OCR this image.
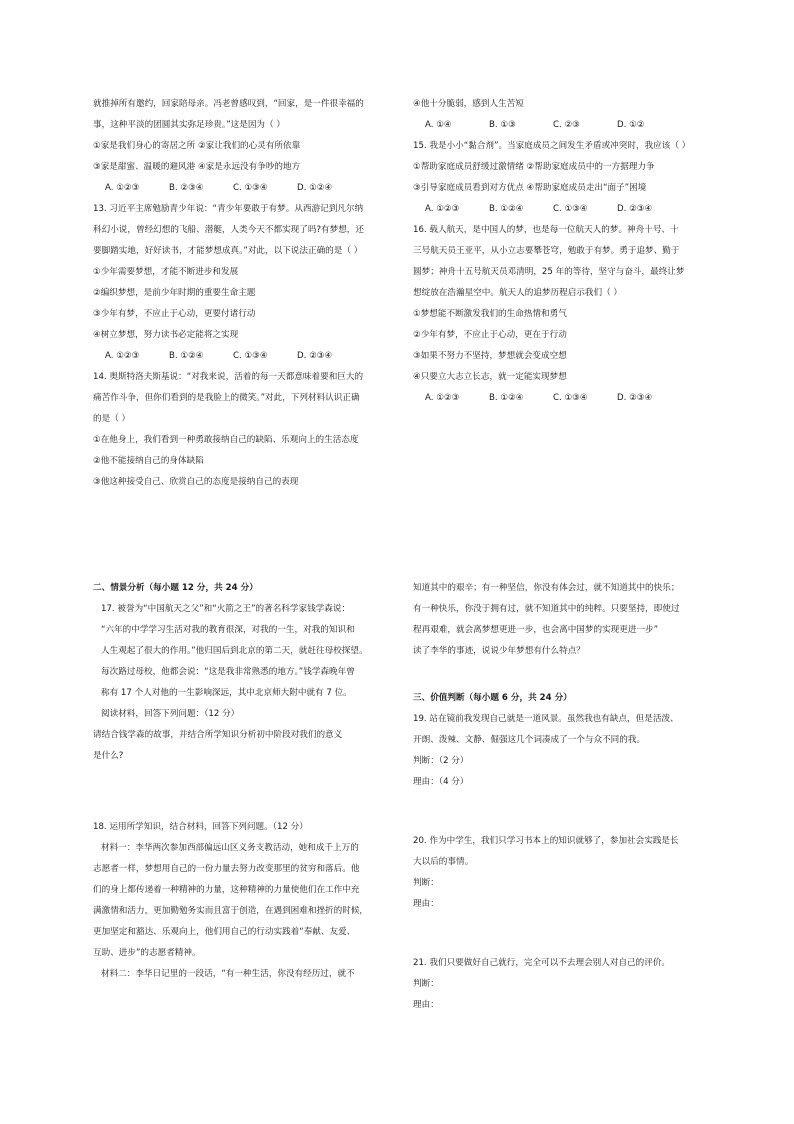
就推掉所有邀约，回家陪母亲。冯老曾感叹到，“回家，是一件很幸福的
事，这种平淡的团圆其实弥足珍贵。”这是因为（ ）
①家是我们身心的寄居之所 ②家让我们的心灵有所依靠
③家是甜蜜、温暖的避风港 ④家是永远没有争吵的地方
A. ①②③	B. ②③④	C. ①③④	D. ①②④
13. 习近平主席勉励青少年说：“青少年要敢于有梦。从西游记到凡尔纳
科幻小说，曾经幻想的飞船、潜艇，人类今天不都实现了吗?有梦想，还
要脚踏实地，好好读书，才能梦想成真。”对此，以下说法正确的是（ ）
①少年需要梦想，才能不断进步和发展
②编织梦想，是前少年时期的重要生命主题
③少年有梦，不应止于心动，更要付诸行动
④树立梦想，努力读书必定能将之实现
A. ①②③	B. ①②④	C. ①③④	D. ②③④
14. 奥斯特洛夫斯基说：“对我来说，活着的每一天都意味着要和巨大的
痛苦作斗争，但你们看到的是我脸上的微笑。”对此，下列材料认识正确
的是（ ）
①在他身上，我们看到一种勇敢接纳自己的缺陷、乐观向上的生活态度
②他不能接纳自己的身体缺陷
③他这种接受自己、欣赏自己的态度是接纳自己的表现
④他十分脆弱，感到人生苦短
A. ①④	B. ①③	C. ②③	D. ①②
15. 我是小小“黏合剂”。当家庭成员之间发生矛盾或冲突时，我应该（ ）
①帮助家庭成员舒缓过激情绪 ②帮助家庭成员中的一方据理力争
③引导家庭成员看到对方优点 ④帮助家庭成员走出“面子”困境
A. ①②③	B. ①②④	C. ①③④	D. ②③④
16. 载人航天，是中国人的梦，也是每一位航天人的梦。神舟十号、十
三号航天员王亚平，从小立志要攀苍穹，勉敢于有梦。勇于追梦、勤于
圆梦；神舟十五号航天员邓清明，25 年的等待，坚守与奋斗，最终让梦
想绽放在浩瀚星空中。航天人的追梦历程启示我们（ ）
①梦想能不断激发我们的生命热情和勇气
②少年有梦，不应止于心动，更在于行动
③如果不努力不坚持，梦想就会变成空想
④只要立大志立长志，就一定能实现梦想
A. ①②③	B. ①②④	C. ①③④	D. ②③④
二、情景分析（每小题 12 分，共 24 分）
17. 被誉为“中国航天之父”和“火箭之王”的著名科学家钱学森说：
“六年的中学学习生活对我的教育很深，对我的一生，对我的知识和
人生观起了很大的作用。”他归国后到北京的第二天，就赶往母校探望。
每次路过母校，他都会说：“这是我非常熟悉的地方。”钱学森晚年曾
称有 17 个人对他的一生影响深远，其中北京师大附中就有 7 位。
阅读材料，回答下列问题：（12 分）
请结合钱学森的故事，并结合所学知识分析初中阶段对我们的意义
是什么?
18. 运用所学知识，结合材料，回答下列问题。（12 分）
材料一：李华两次参加西部偏远山区义务支教活动，她和成千上万的
志愿者一样，梦想用自己的一份力量去努力改变那里的贫穷和落后。他
们的身上都传递着一种精神的力量，这种精神的力量使他们在工作中充
满激情和活力，更加勤勉务实而且富于创造，在遇到困难和挫折的时候，
更加坚定和豁达、乐观向上，他们用自己的行动实践着“奉献、友爱、
互助、进步”的志愿者精神。
材料二：李华日记里的一段话，“有一种生活，你没有经历过，就不
知道其中的艰辛；有一种坚信，你没有体会过，就不知道其中的快乐；
有一种快乐，你没于拥有过，就不知道其中的纯粹。只要坚持，即使过
程再艰难，就会离梦想更进一步，也会离中国梦的实现更进一步”
读了李华的事迹，说说少年梦想有什么特点？
三、价值判断（每小题 6 分，共 24 分）
19. 站在镜前我发现自己就是一道风景。虽然我也有缺点，但是活泼、
开朗、泼辣、文静、倔强这几个词凑成了一个与众不同的我。
判断：（2 分）
理由：（4 分）
20. 作为中学生，我们只学习书本上的知识就够了，参加社会实践是长
大以后的事情。
判断：
理由：
21. 我们只要做好自己就行，完全可以不去理会别人对自己的评价。
判断：
理由：
